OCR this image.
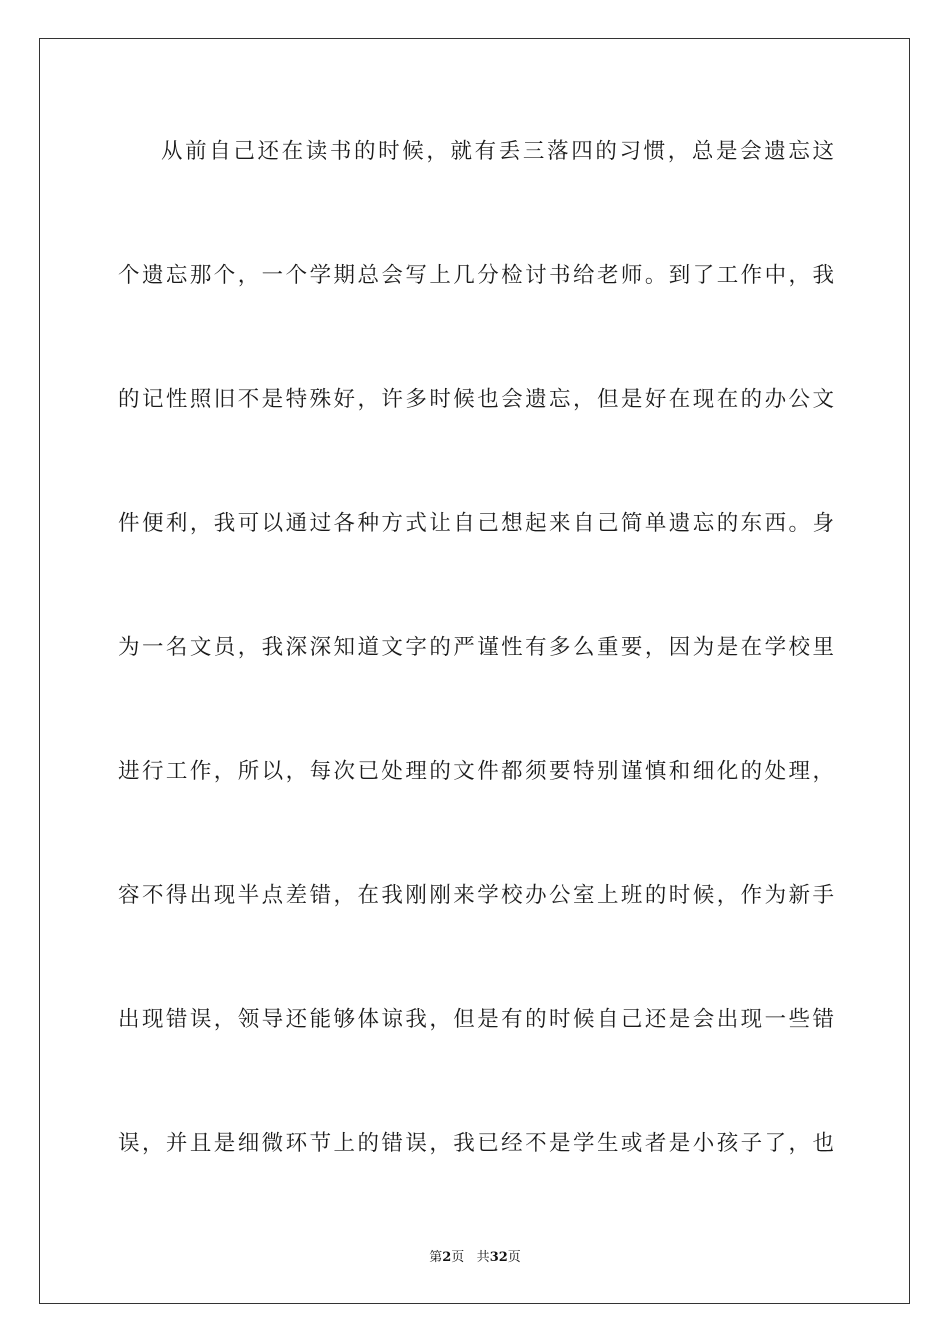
从前自己还在读书的时候，就有丢三落四的习惯，总是会遗忘这
个遗忘那个，一个学期总会写上几分检讨书给老师。到了工作中，我
的记性照旧不是特殊好，许多时候也会遗忘，但是好在现在的办公文
件便利，我可以通过各种方式让自己想起来自己简单遗忘的东西。身
为一名文员，我深深知道文字的严谨性有多么重要，因为是在学校里
进行工作，所以，每次已处理的文件都须要特别谨慎和细化的处理，
容不得出现半点差错，在我刚刚来学校办公室上班的时候，作为新手
出现错误，领导还能够体谅我，但是有的时候自己还是会出现一些错
误，并且是细微环节上的错误，我已经不是学生或者是小孩子了，也
第2页 共32页
